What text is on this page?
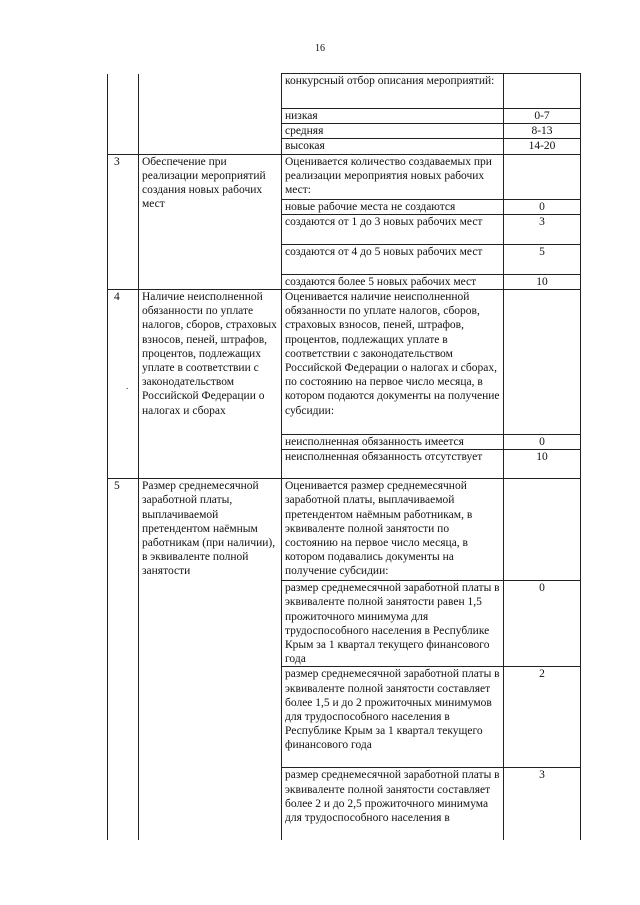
16
		конкурсный отбор описания мероприятий:	
		низкая	0-7
		средняя	8-13
		высокая	14-20
3	Обеспечение при реализации мероприятий создания новых рабочих мест	Оценивается количество создаваемых при реализации мероприятия новых рабочих мест:	
		новые рабочие места не создаются	0
		создаются от 1 до 3 новых рабочих мест	3
		создаются от 4 до 5 новых рабочих мест	5
		создаются более 5 новых рабочих мест	10
4	Наличие неисполненной обязанности по уплате налогов, сборов, страховых взносов, пеней, штрафов, процентов, подлежащих уплате в соответствии с законодательством Российской Федерации о налогах и сборах	Оценивается наличие неисполненной обязанности по уплате налогов, сборов, страховых взносов, пеней, штрафов, процентов, подлежащих уплате в соответствии с законодательством Российской Федерации о налогах и сборах, по состоянию на первое число месяца, в котором подаются документы на получение субсидии:	
		неисполненная обязанность имеется	0
		неисполненная обязанность отсутствует	10
5	Размер среднемесячной заработной платы, выплачиваемой претендентом наёмным работникам (при наличии), в эквиваленте полной занятости	Оценивается размер среднемесячной заработной платы, выплачиваемой претендентом наёмным работникам, в эквиваленте полной занятости по состоянию на первое число месяца, в котором подавались документы на получение субсидии:	
		размер среднемесячной заработной платы в эквиваленте полной занятости равен 1,5 прожиточного минимума для трудоспособного населения в Республике Крым за 1 квартал текущего финансового года	0
		размер среднемесячной заработной платы в эквиваленте полной занятости составляет более 1,5 и до 2 прожиточных минимумов для трудоспособного населения в Республике Крым за 1 квартал текущего финансового года	2
		размер среднемесячной заработной платы в эквиваленте полной занятости составляет более 2 и до 2,5 прожиточного минимума для трудоспособного населения в	3
.
